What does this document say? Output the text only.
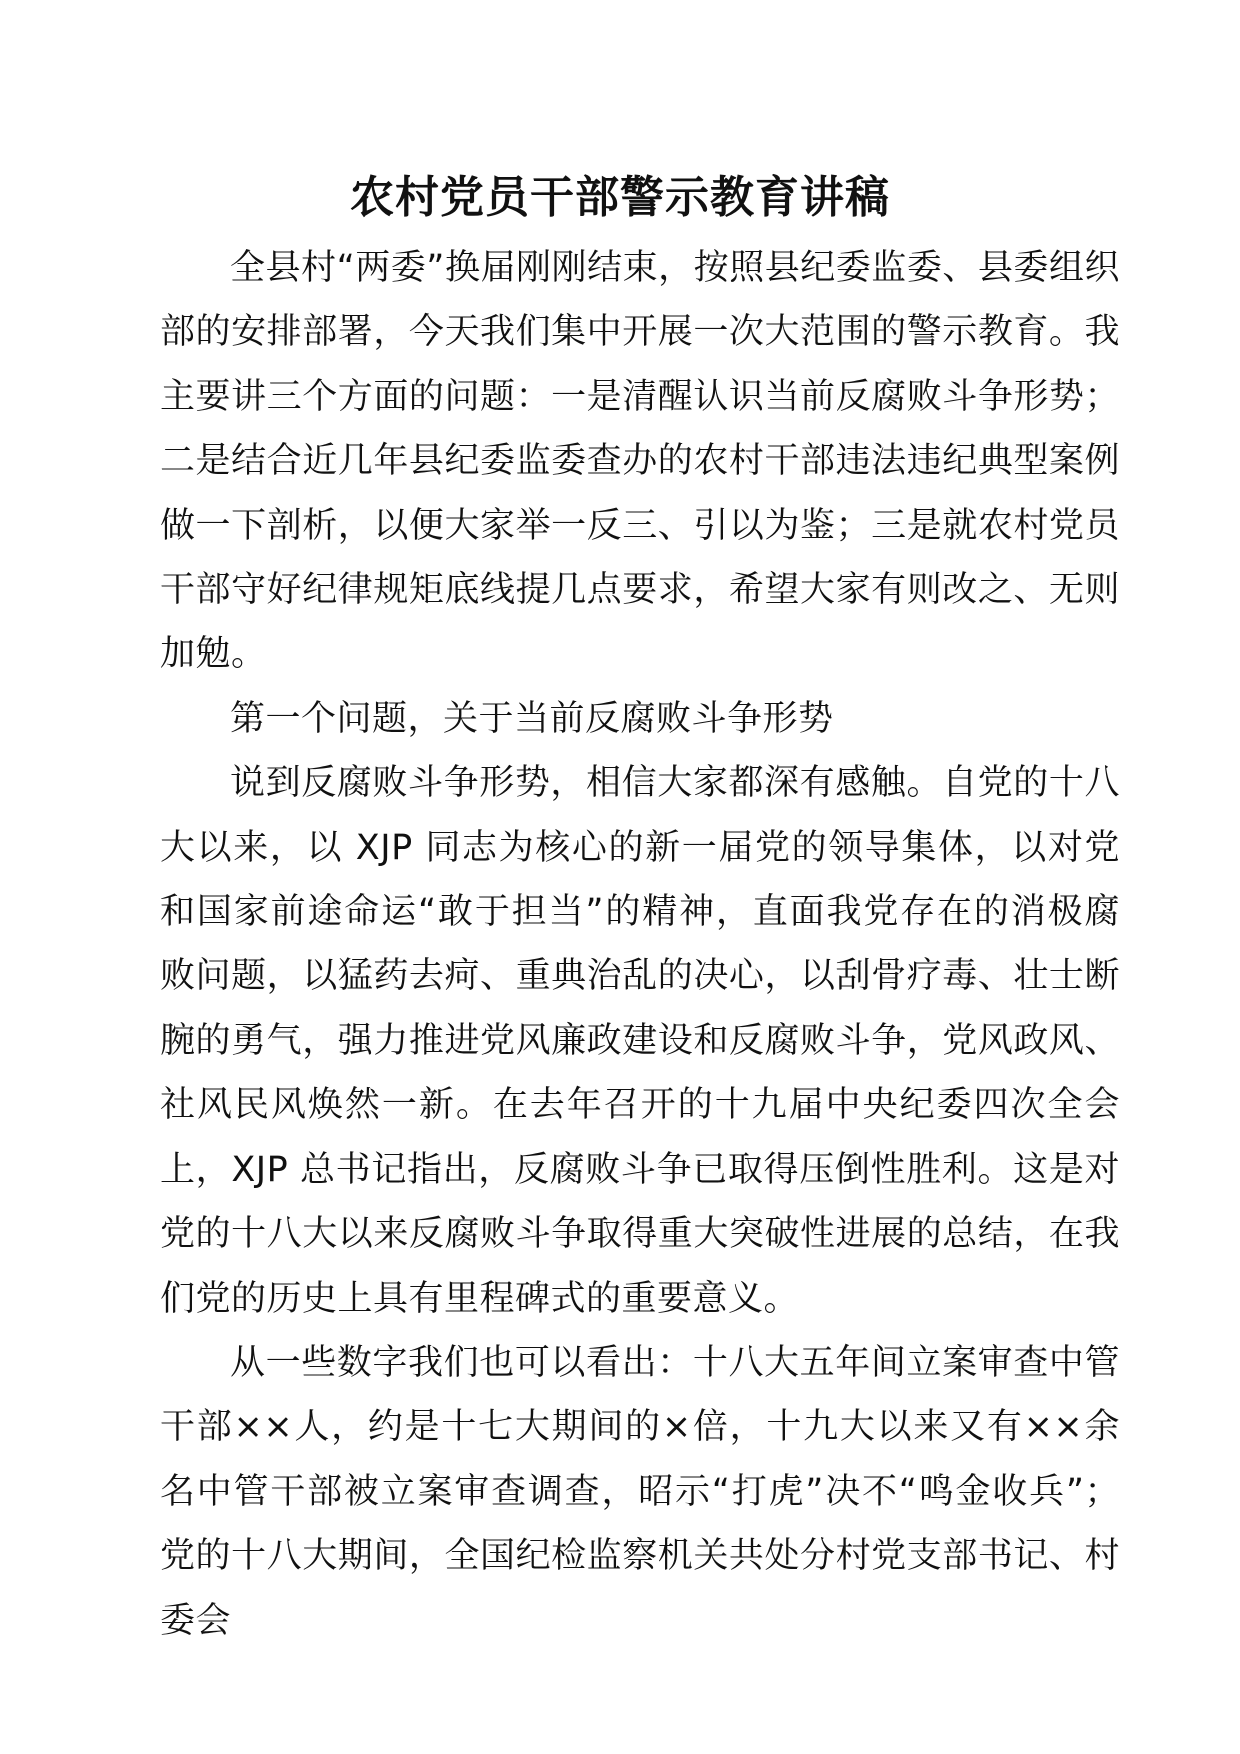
农村党员干部警示教育讲稿

全县村“两委”换届刚刚结束，按照县纪委监委、县委组织部的安排部署，今天我们集中开展一次大范围的警示教育。我主要讲三个方面的问题：一是清醒认识当前反腐败斗争形势；二是结合近几年县纪委监委查办的农村干部违法违纪典型案例做一下剖析，以便大家举一反三、引以为鉴；三是就农村党员干部守好纪律规矩底线提几点要求，希望大家有则改之、无则加勉。

第一个问题，关于当前反腐败斗争形势

说到反腐败斗争形势，相信大家都深有感触。自党的十八大以来，以 XJP 同志为核心的新一届党的领导集体，以对党和国家前途命运“敢于担当”的精神，直面我党存在的消极腐败问题，以猛药去疴、重典治乱的决心，以刮骨疗毒、壮士断腕的勇气，强力推进党风廉政建设和反腐败斗争，党风政风、社风民风焕然一新。在去年召开的十九届中央纪委四次全会上，XJP 总书记指出，反腐败斗争已取得压倒性胜利。这是对党的十八大以来反腐败斗争取得重大突破性进展的总结，在我们党的历史上具有里程碑式的重要意义。

从一些数字我们也可以看出：十八大五年间立案审查中管干部××人，约是十七大期间的×倍，十九大以来又有××余名中管干部被立案审查调查，昭示“打虎”决不“鸣金收兵”；党的十八大期间，全国纪检监察机关共处分村党支部书记、村委会
